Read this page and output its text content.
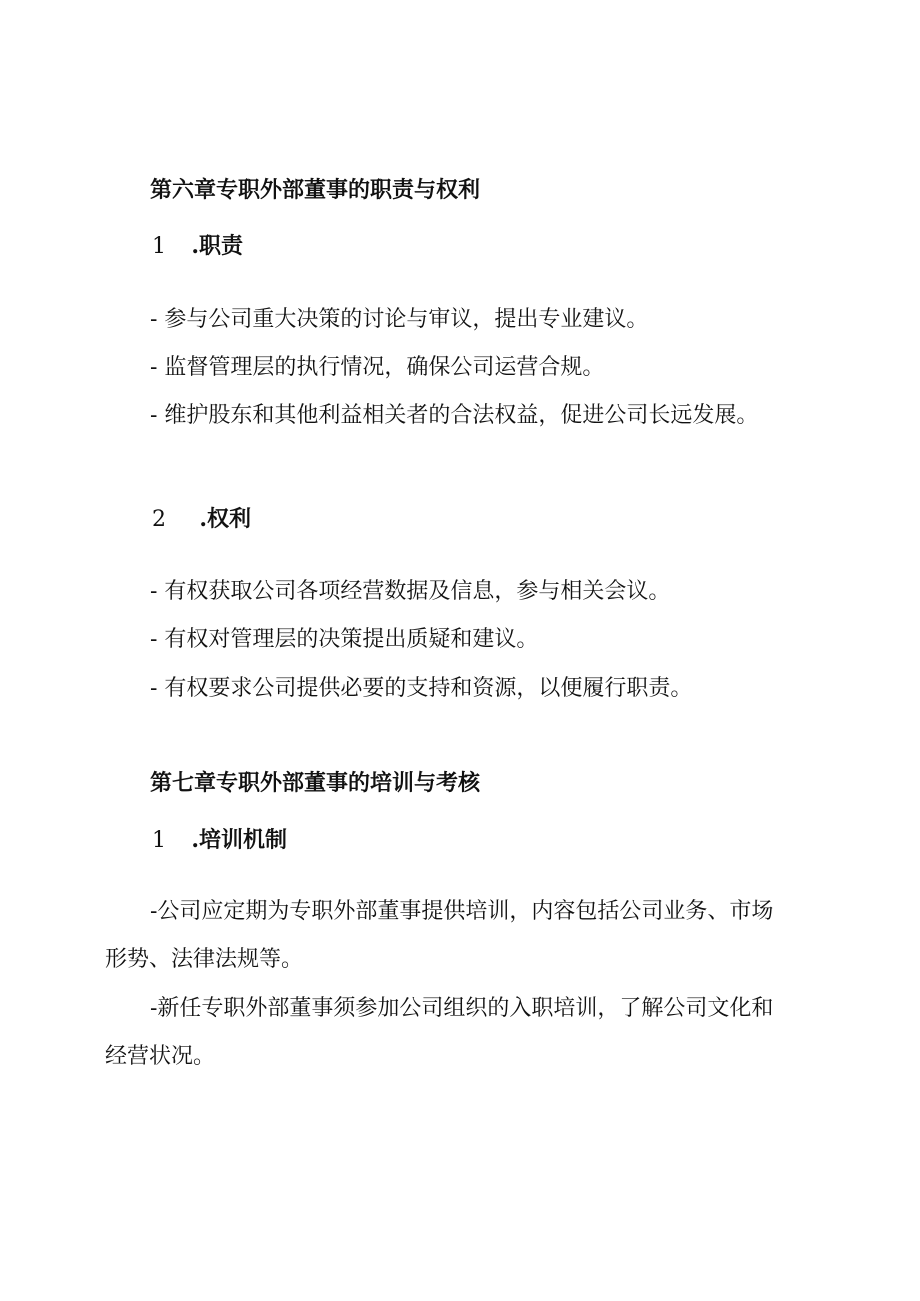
第六章专职外部董事的职责与权利
1 .职责
- 参与公司重大决策的讨论与审议，提出专业建议。
- 监督管理层的执行情况，确保公司运营合规。
- 维护股东和其他利益相关者的合法权益，促进公司长远发展。
2 .权利
- 有权获取公司各项经营数据及信息，参与相关会议。
- 有权对管理层的决策提出质疑和建议。
- 有权要求公司提供必要的支持和资源，以便履行职责。
第七章专职外部董事的培训与考核
1 .培训机制
-公司应定期为专职外部董事提供培训，内容包括公司业务、市场
形势、法律法规等。
-新任专职外部董事须参加公司组织的入职培训，了解公司文化和
经营状况。
